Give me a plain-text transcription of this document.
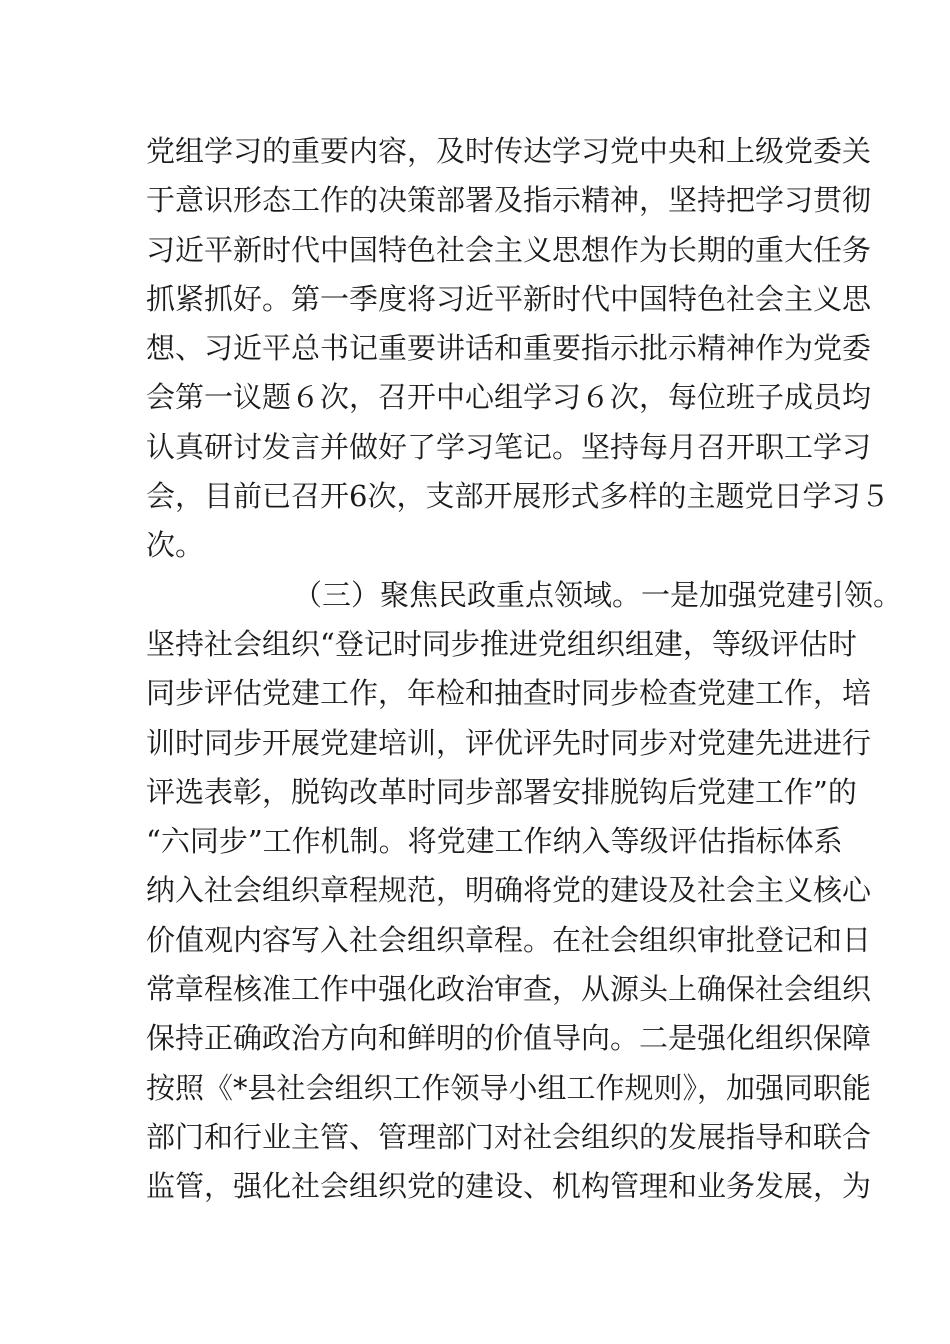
党组学习的重要内容，及时传达学习党中央和上级党委关
于意识形态工作的决策部署及指示精神，坚持把学习贯彻
习近平新时代中国特色社会主义思想作为长期的重大任务
抓紧抓好。第一季度将习近平新时代中国特色社会主义思
想、习近平总书记重要讲话和重要指示批示精神作为党委
会第一议题６次，召开中心组学习６次，每位班子成员均
认真研讨发言并做好了学习笔记。坚持每月召开职工学习
会，目前已召开6次，支部开展形式多样的主题党日学习５
次。
（三）聚焦民政重点领域。一是加强党建引领。
坚持社会组织“登记时同步推进党组织组建，等级评估时
同步评估党建工作，年检和抽查时同步检查党建工作，培
训时同步开展党建培训，评优评先时同步对党建先进进行
评选表彰，脱钩改革时同步部署安排脱钩后党建工作”的
“六同步”工作机制。将党建工作纳入等级评估指标体系
纳入社会组织章程规范，明确将党的建设及社会主义核心
价值观内容写入社会组织章程。在社会组织审批登记和日
常章程核准工作中强化政治审查，从源头上确保社会组织
保持正确政治方向和鲜明的价值导向。二是强化组织保障
按照《*县社会组织工作领导小组工作规则》，加强同职能
部门和行业主管、管理部门对社会组织的发展指导和联合
监管，强化社会组织党的建设、机构管理和业务发展，为
